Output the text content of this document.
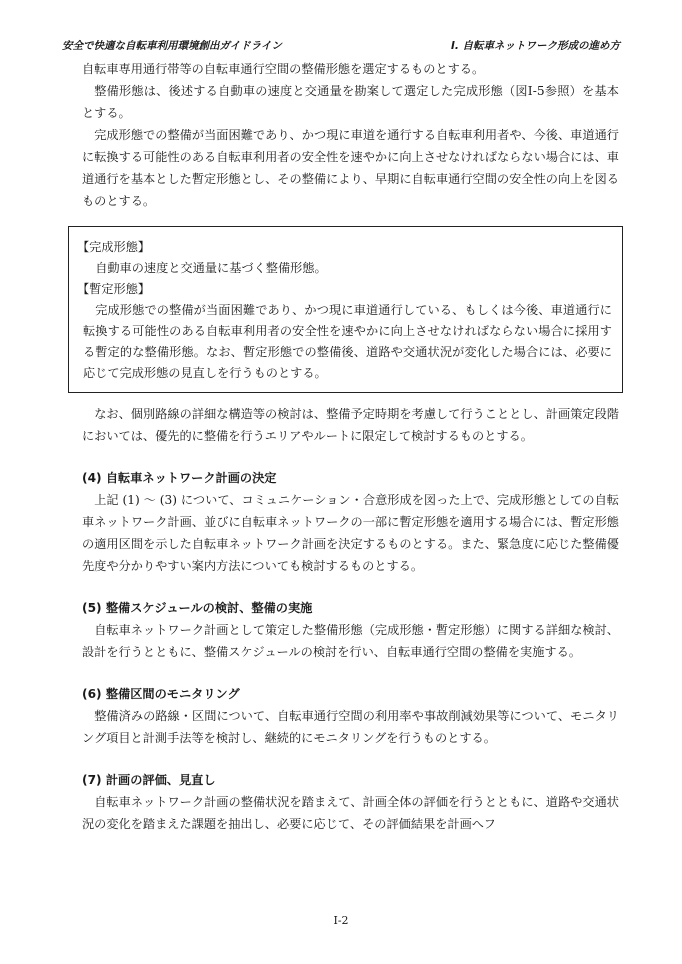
安全で快適な自転車利用環境創出ガイドライン	Ⅰ. 自転車ネットワーク形成の進め方

自転車専用通行帯等の自転車通行空間の整備形態を選定するものとする。

整備形態は、後述する自動車の速度と交通量を勘案して選定した完成形態（図Ⅰ-5参照）を基本とする。

完成形態での整備が当面困難であり、かつ現に車道を通行する自転車利用者や、今後、車道通行に転換する可能性のある自転車利用者の安全性を速やかに向上させなければならない場合には、車道通行を基本とした暫定形態とし、その整備により、早期に自転車通行空間の安全性の向上を図るものとする。

【完成形態】

自動車の速度と交通量に基づく整備形態。

【暫定形態】

完成形態での整備が当面困難であり、かつ現に車道通行している、もしくは今後、車道通行に転換する可能性のある自転車利用者の安全性を速やかに向上させなければならない場合に採用する暫定的な整備形態。なお、暫定形態での整備後、道路や交通状況が変化した場合には、必要に応じて完成形態の見直しを行うものとする。

なお、個別路線の詳細な構造等の検討は、整備予定時期を考慮して行うこととし、計画策定段階においては、優先的に整備を行うエリアやルートに限定して検討するものとする。

(4) 自転車ネットワーク計画の決定

上記 (1) ～ (3) について、コミュニケーション・合意形成を図った上で、完成形態としての自転車ネットワーク計画、並びに自転車ネットワークの一部に暫定形態を適用する場合には、暫定形態の適用区間を示した自転車ネットワーク計画を決定するものとする。また、緊急度に応じた整備優先度や分かりやすい案内方法についても検討するものとする。

(5) 整備スケジュールの検討、整備の実施

自転車ネットワーク計画として策定した整備形態（完成形態・暫定形態）に関する詳細な検討、設計を行うとともに、整備スケジュールの検討を行い、自転車通行空間の整備を実施する。

(6) 整備区間のモニタリング

整備済みの路線・区間について、自転車通行空間の利用率や事故削減効果等について、モニタリング項目と計測手法等を検討し、継続的にモニタリングを行うものとする。

(7) 計画の評価、見直し

自転車ネットワーク計画の整備状況を踏まえて、計画全体の評価を行うとともに、道路や交通状況の変化を踏まえた課題を抽出し、必要に応じて、その評価結果を計画へフ

Ⅰ-2
